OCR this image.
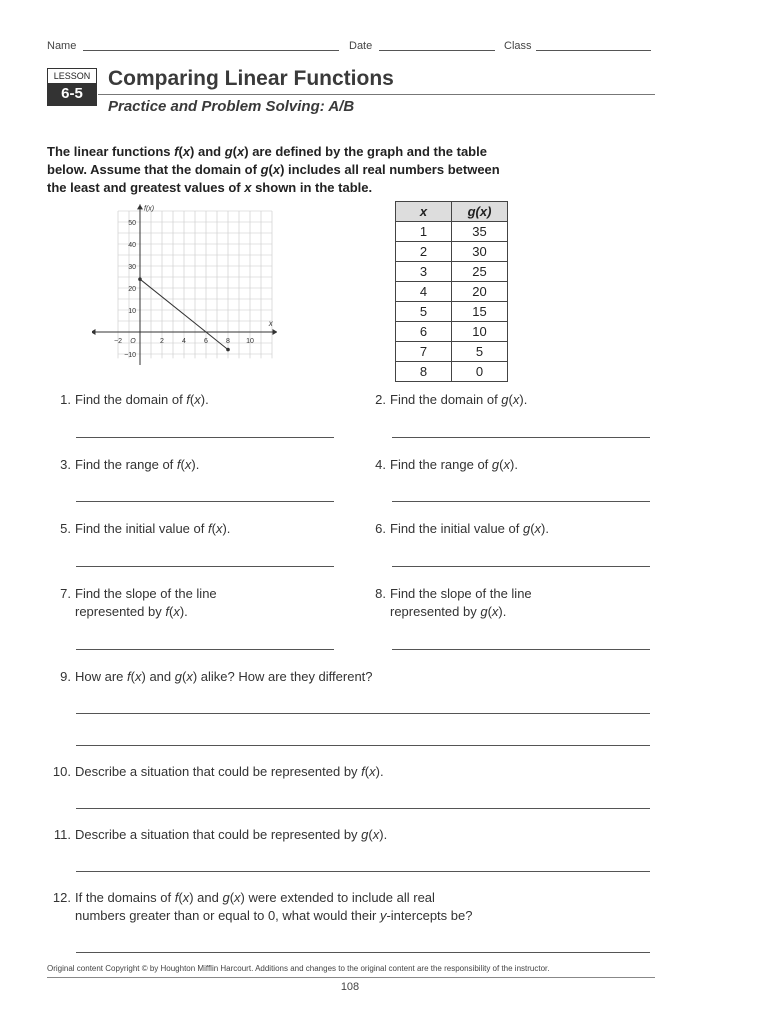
Name	Date	Class
LESSON
6-5
Comparing Linear Functions
Practice and Problem Solving: A/B
The linear functions f(x) and g(x) are defined by the graph and the table below. Assume that the domain of g(x) includes all real numbers between the least and greatest values of x shown in the table.
f(x)
x
−2 O	2	4	6	8 10
50
40
30
20
10
−10
x	g(x)
1	35
2	30
3	25
4	20
5	15
6	10
7	5
8	0
1. Find the domain of f(x).	2. Find the domain of g(x).
3. Find the range of f(x).	4. Find the range of g(x).
5. Find the initial value of f(x).	6. Find the initial value of g(x).
7. Find the slope of the line
represented by f(x).
8. Find the slope of the line
represented by g(x).
9. How are f(x) and g(x) alike? How are they different?
10. Describe a situation that could be represented by f(x).
11. Describe a situation that could be represented by g(x).
12. If the domains of f(x) and g(x) were extended to include all real
numbers greater than or equal to 0, what would their y-intercepts be?
Original content Copyright © by Houghton Mifflin Harcourt. Additions and changes to the original content are the responsibility of the instructor.
108
